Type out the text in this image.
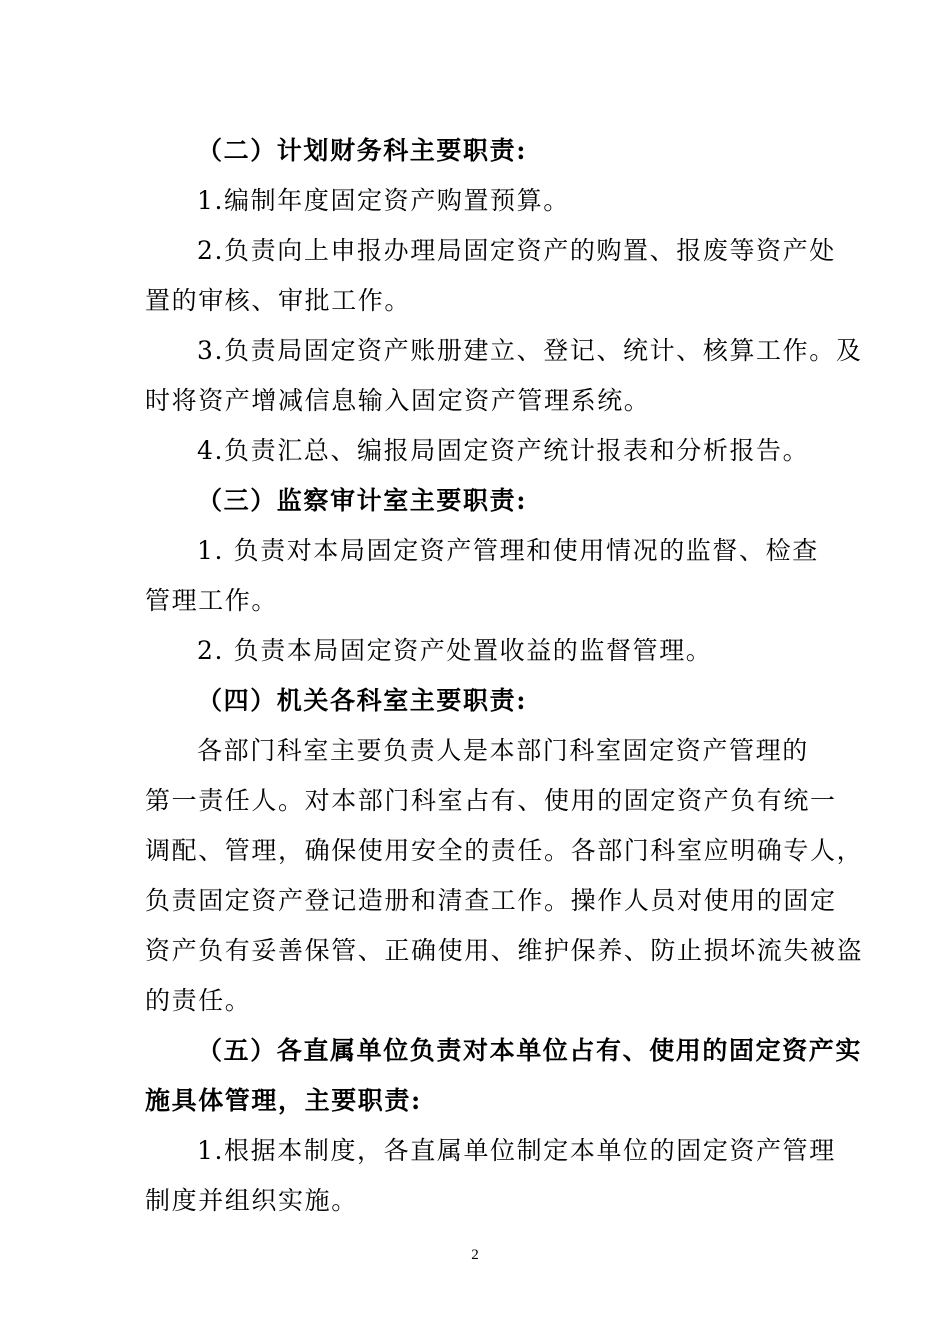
（二）计划财务科主要职责:
1.编制年度固定资产购置预算。
2.负责向上申报办理局固定资产的购置、报废等资产处
置的审核、审批工作。
3.负责局固定资产账册建立、登记、统计、核算工作。及
时将资产增减信息输入固定资产管理系统。
4.负责汇总、编报局固定资产统计报表和分析报告。
（三）监察审计室主要职责:
1. 负责对本局固定资产管理和使用情况的监督、检查
管理工作。
2. 负责本局固定资产处置收益的监督管理。
（四）机关各科室主要职责:
各部门科室主要负责人是本部门科室固定资产管理的
第一责任人。对本部门科室占有、使用的固定资产负有统一
调配、管理，确保使用安全的责任。各部门科室应明确专人，
负责固定资产登记造册和清查工作。操作人员对使用的固定
资产负有妥善保管、正确使用、维护保养、防止损坏流失被盗
的责任。
（五）各直属单位负责对本单位占有、使用的固定资产实
施具体管理，主要职责:
1.根据本制度，各直属单位制定本单位的固定资产管理
制度并组织实施。
2
